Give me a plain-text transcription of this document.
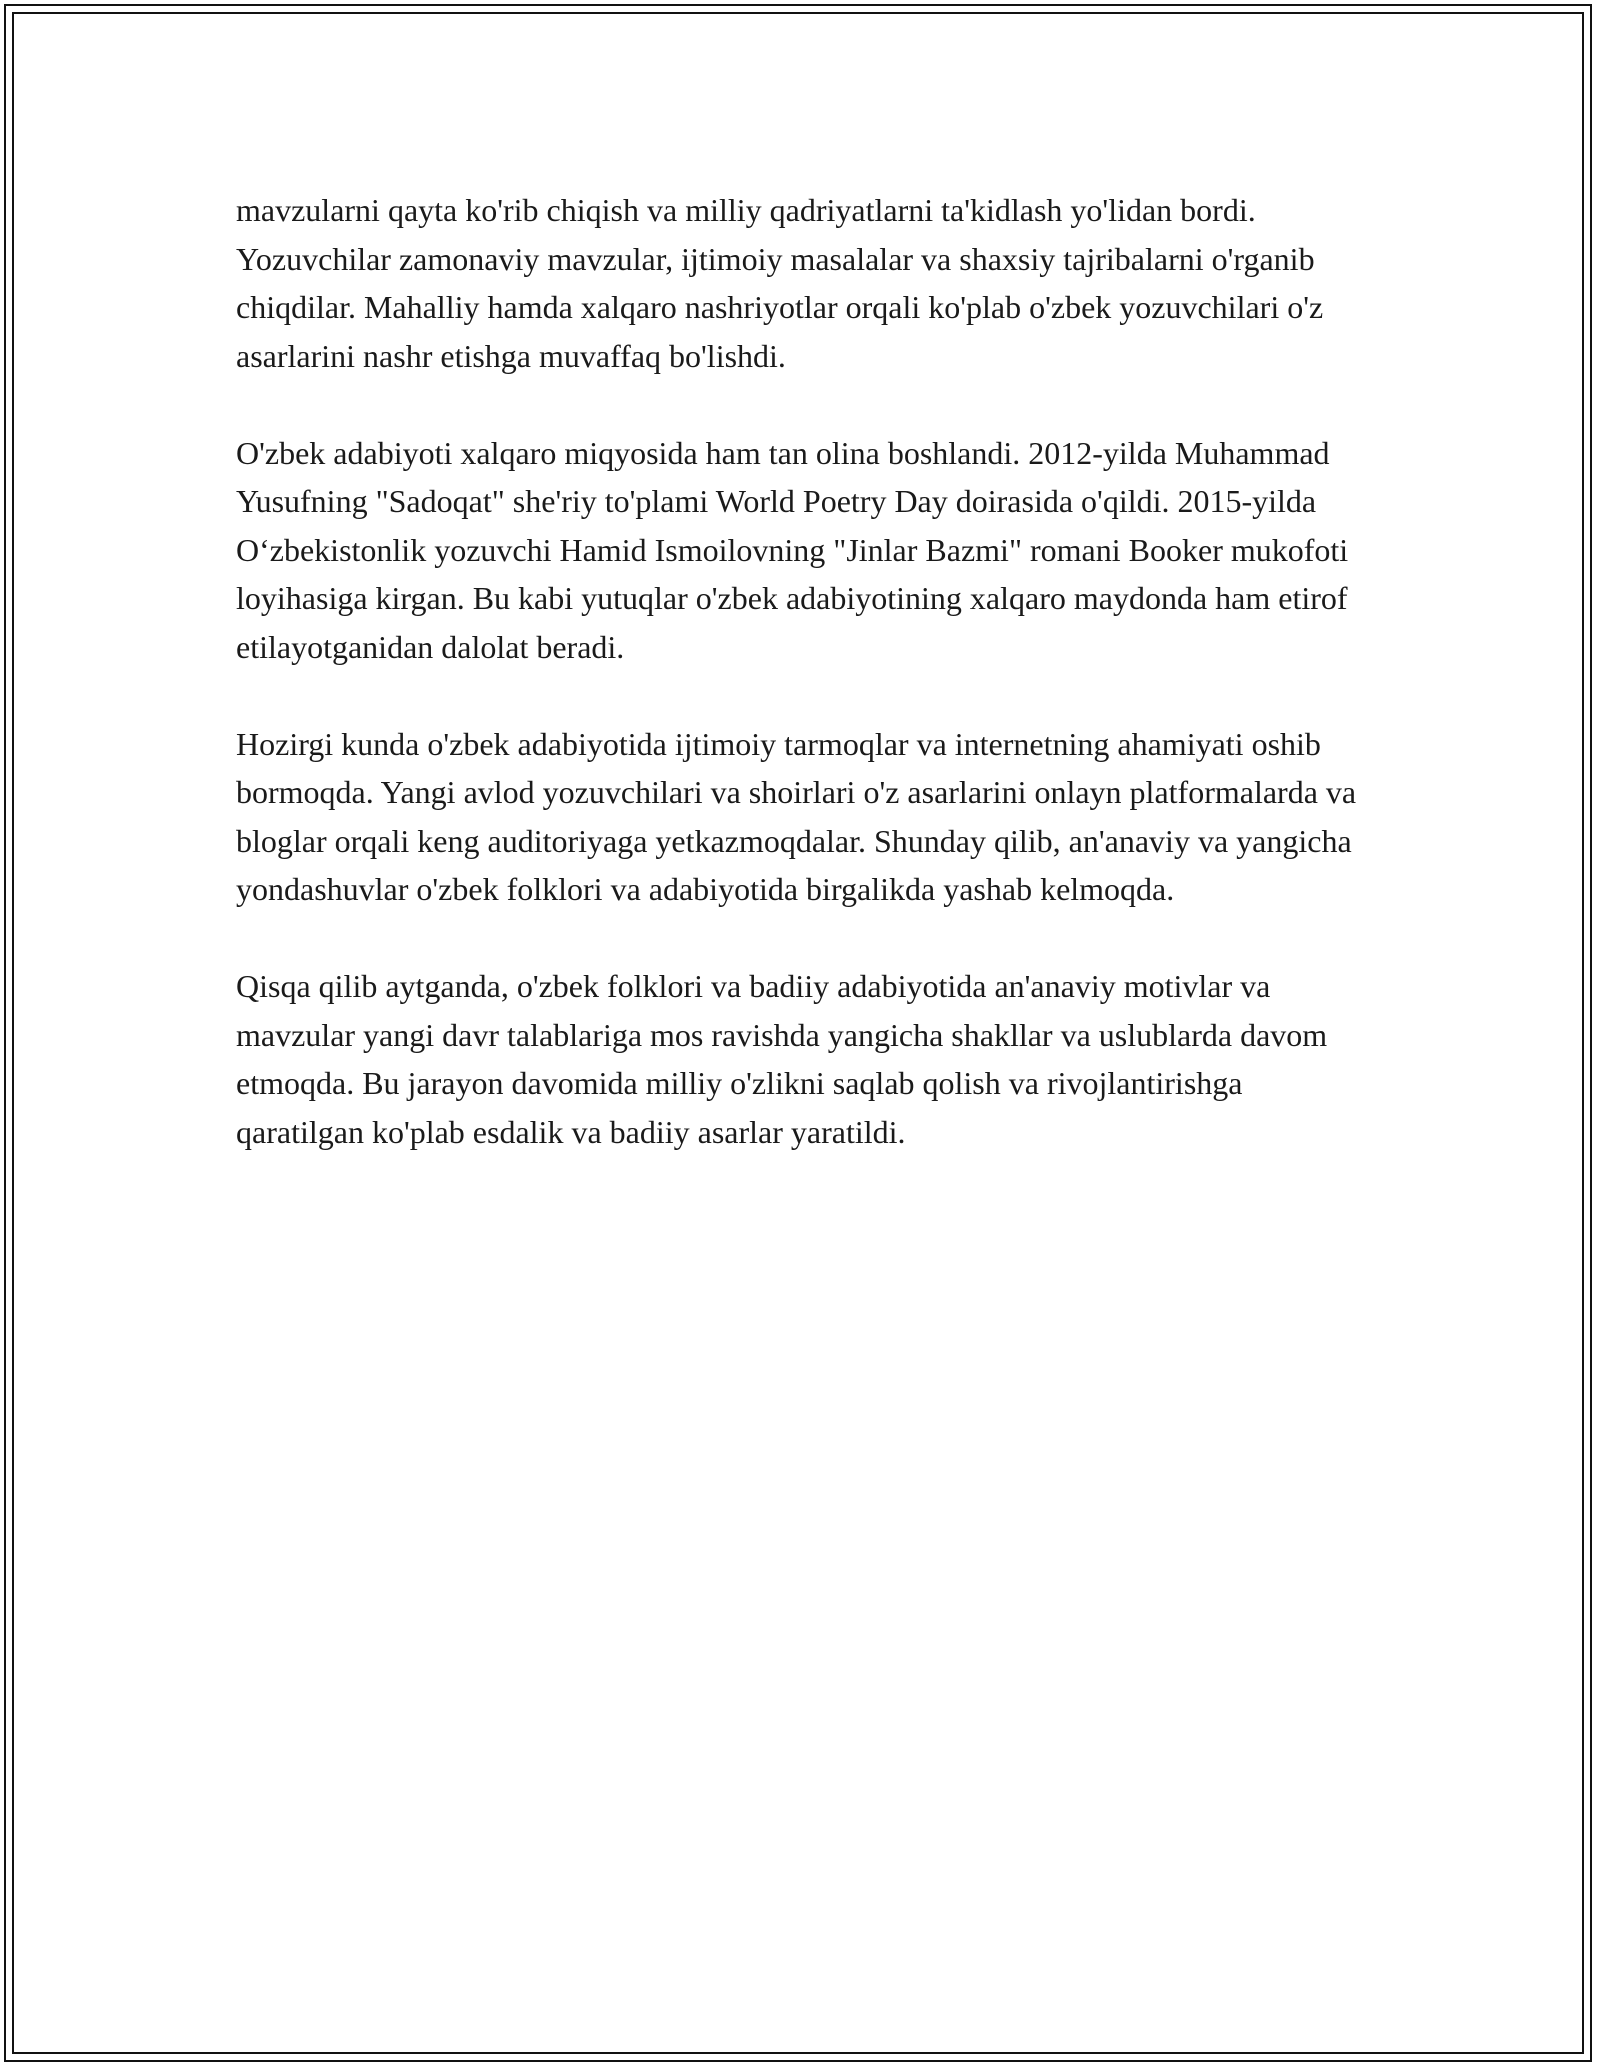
mavzularni qayta ko'rib chiqish va milliy qadriyatlarni ta'kidlash yo'lidan bordi. Yozuvchilar zamonaviy mavzular, ijtimoiy masalalar va shaxsiy tajribalarni o'rganib chiqdilar. Mahalliy hamda xalqaro nashriyotlar orqali ko'plab o'zbek yozuvchilari o'z asarlarini nashr etishga muvaffaq bo'lishdi.

O'zbek adabiyoti xalqaro miqyosida ham tan olina boshlandi. 2012-yilda Muhammad Yusufning "Sadoqat" she'riy to'plami World Poetry Day doirasida o'qildi. 2015-yilda O‘zbekistonlik yozuvchi Hamid Ismoilovning "Jinlar Bazmi" romani Booker mukofoti loyihasiga kirgan. Bu kabi yutuqlar o'zbek adabiyotining xalqaro maydonda ham etirof etilayotganidan dalolat beradi.

Hozirgi kunda o'zbek adabiyotida ijtimoiy tarmoqlar va internetning ahamiyati oshib bormoqda. Yangi avlod yozuvchilari va shoirlari o'z asarlarini onlayn platformalarda va bloglar orqali keng auditoriyaga yetkazmoqdalar. Shunday qilib, an'anaviy va yangicha yondashuvlar o'zbek folklori va adabiyotida birgalikda yashab kelmoqda.

Qisqa qilib aytganda, o'zbek folklori va badiiy adabiyotida an'anaviy motivlar va mavzular yangi davr talablariga mos ravishda yangicha shakllar va uslublarda davom etmoqda. Bu jarayon davomida milliy o'zlikni saqlab qolish va rivojlantirishga qaratilgan ko'plab esdalik va badiiy asarlar yaratildi.
